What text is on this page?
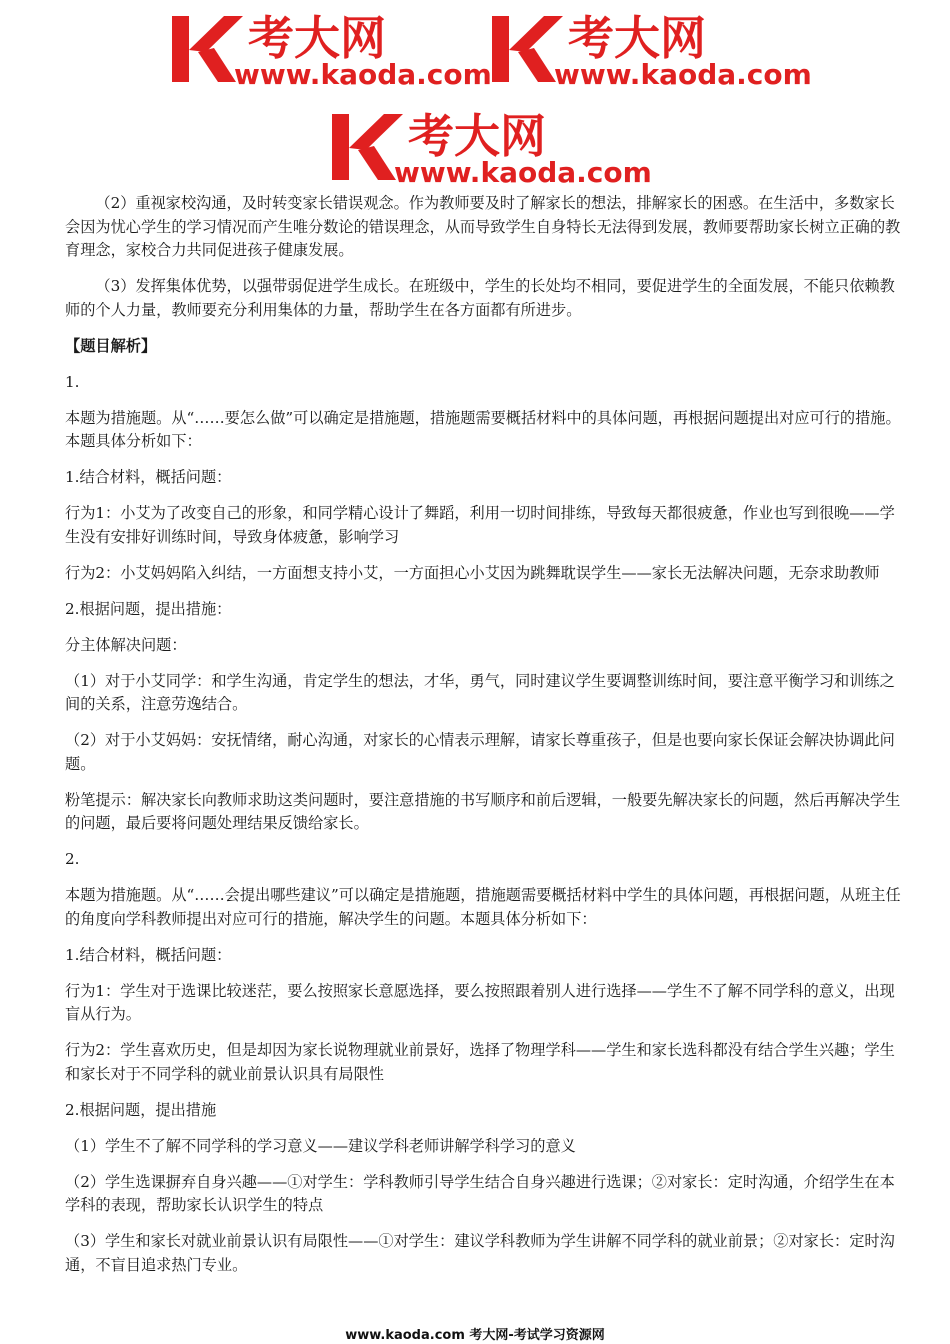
考大网
www.kaoda.com
考大网
www.kaoda.com
考大网
www.kaoda.com

（2）重视家校沟通，及时转变家长错误观念。作为教师要及时了解家长的想法，排解家长的困惑。在生活中，多数家长会因为忧心学生的学习情况而产生唯分数论的错误理念，从而导致学生自身特长无法得到发展，教师要帮助家长树立正确的教育理念，家校合力共同促进孩子健康发展。

（3）发挥集体优势，以强带弱促进学生成长。在班级中，学生的长处均不相同，要促进学生的全面发展，不能只依赖教师的个人力量，教师要充分利用集体的力量，帮助学生在各方面都有所进步。

【题目解析】

1.

本题为措施题。从“……要怎么做”可以确定是措施题，措施题需要概括材料中的具体问题，再根据问题提出对应可行的措施。本题具体分析如下：

1.结合材料，概括问题：

行为1：小艾为了改变自己的形象，和同学精心设计了舞蹈，利用一切时间排练，导致每天都很疲惫，作业也写到很晚——学生没有安排好训练时间，导致身体疲惫，影响学习

行为2：小艾妈妈陷入纠结，一方面想支持小艾，一方面担心小艾因为跳舞耽误学生——家长无法解决问题，无奈求助教师

2.根据问题，提出措施：

分主体解决问题：

（1）对于小艾同学：和学生沟通，肯定学生的想法，才华，勇气，同时建议学生要调整训练时间，要注意平衡学习和训练之间的关系，注意劳逸结合。

（2）对于小艾妈妈：安抚情绪，耐心沟通，对家长的心情表示理解，请家长尊重孩子，但是也要向家长保证会解决协调此问题。

粉笔提示：解决家长向教师求助这类问题时，要注意措施的书写顺序和前后逻辑，一般要先解决家长的问题，然后再解决学生的问题，最后要将问题处理结果反馈给家长。

2.

本题为措施题。从“……会提出哪些建议”可以确定是措施题，措施题需要概括材料中学生的具体问题，再根据问题，从班主任的角度向学科教师提出对应可行的措施，解决学生的问题。本题具体分析如下：

1.结合材料，概括问题：

行为1：学生对于选课比较迷茫，要么按照家长意愿选择，要么按照跟着别人进行选择——学生不了解不同学科的意义，出现盲从行为。

行为2：学生喜欢历史，但是却因为家长说物理就业前景好，选择了物理学科——学生和家长选科都没有结合学生兴趣；学生和家长对于不同学科的就业前景认识具有局限性

2.根据问题，提出措施

（1）学生不了解不同学科的学习意义——建议学科老师讲解学科学习的意义

（2）学生选课摒弃自身兴趣——①对学生：学科教师引导学生结合自身兴趣进行选课；②对家长：定时沟通，介绍学生在本学科的表现，帮助家长认识学生的特点

（3）学生和家长对就业前景认识有局限性——①对学生：建议学科教师为学生讲解不同学科的就业前景；②对家长：定时沟通，不盲目追求热门专业。

www.kaoda.com 考大网-考试学习资源网
